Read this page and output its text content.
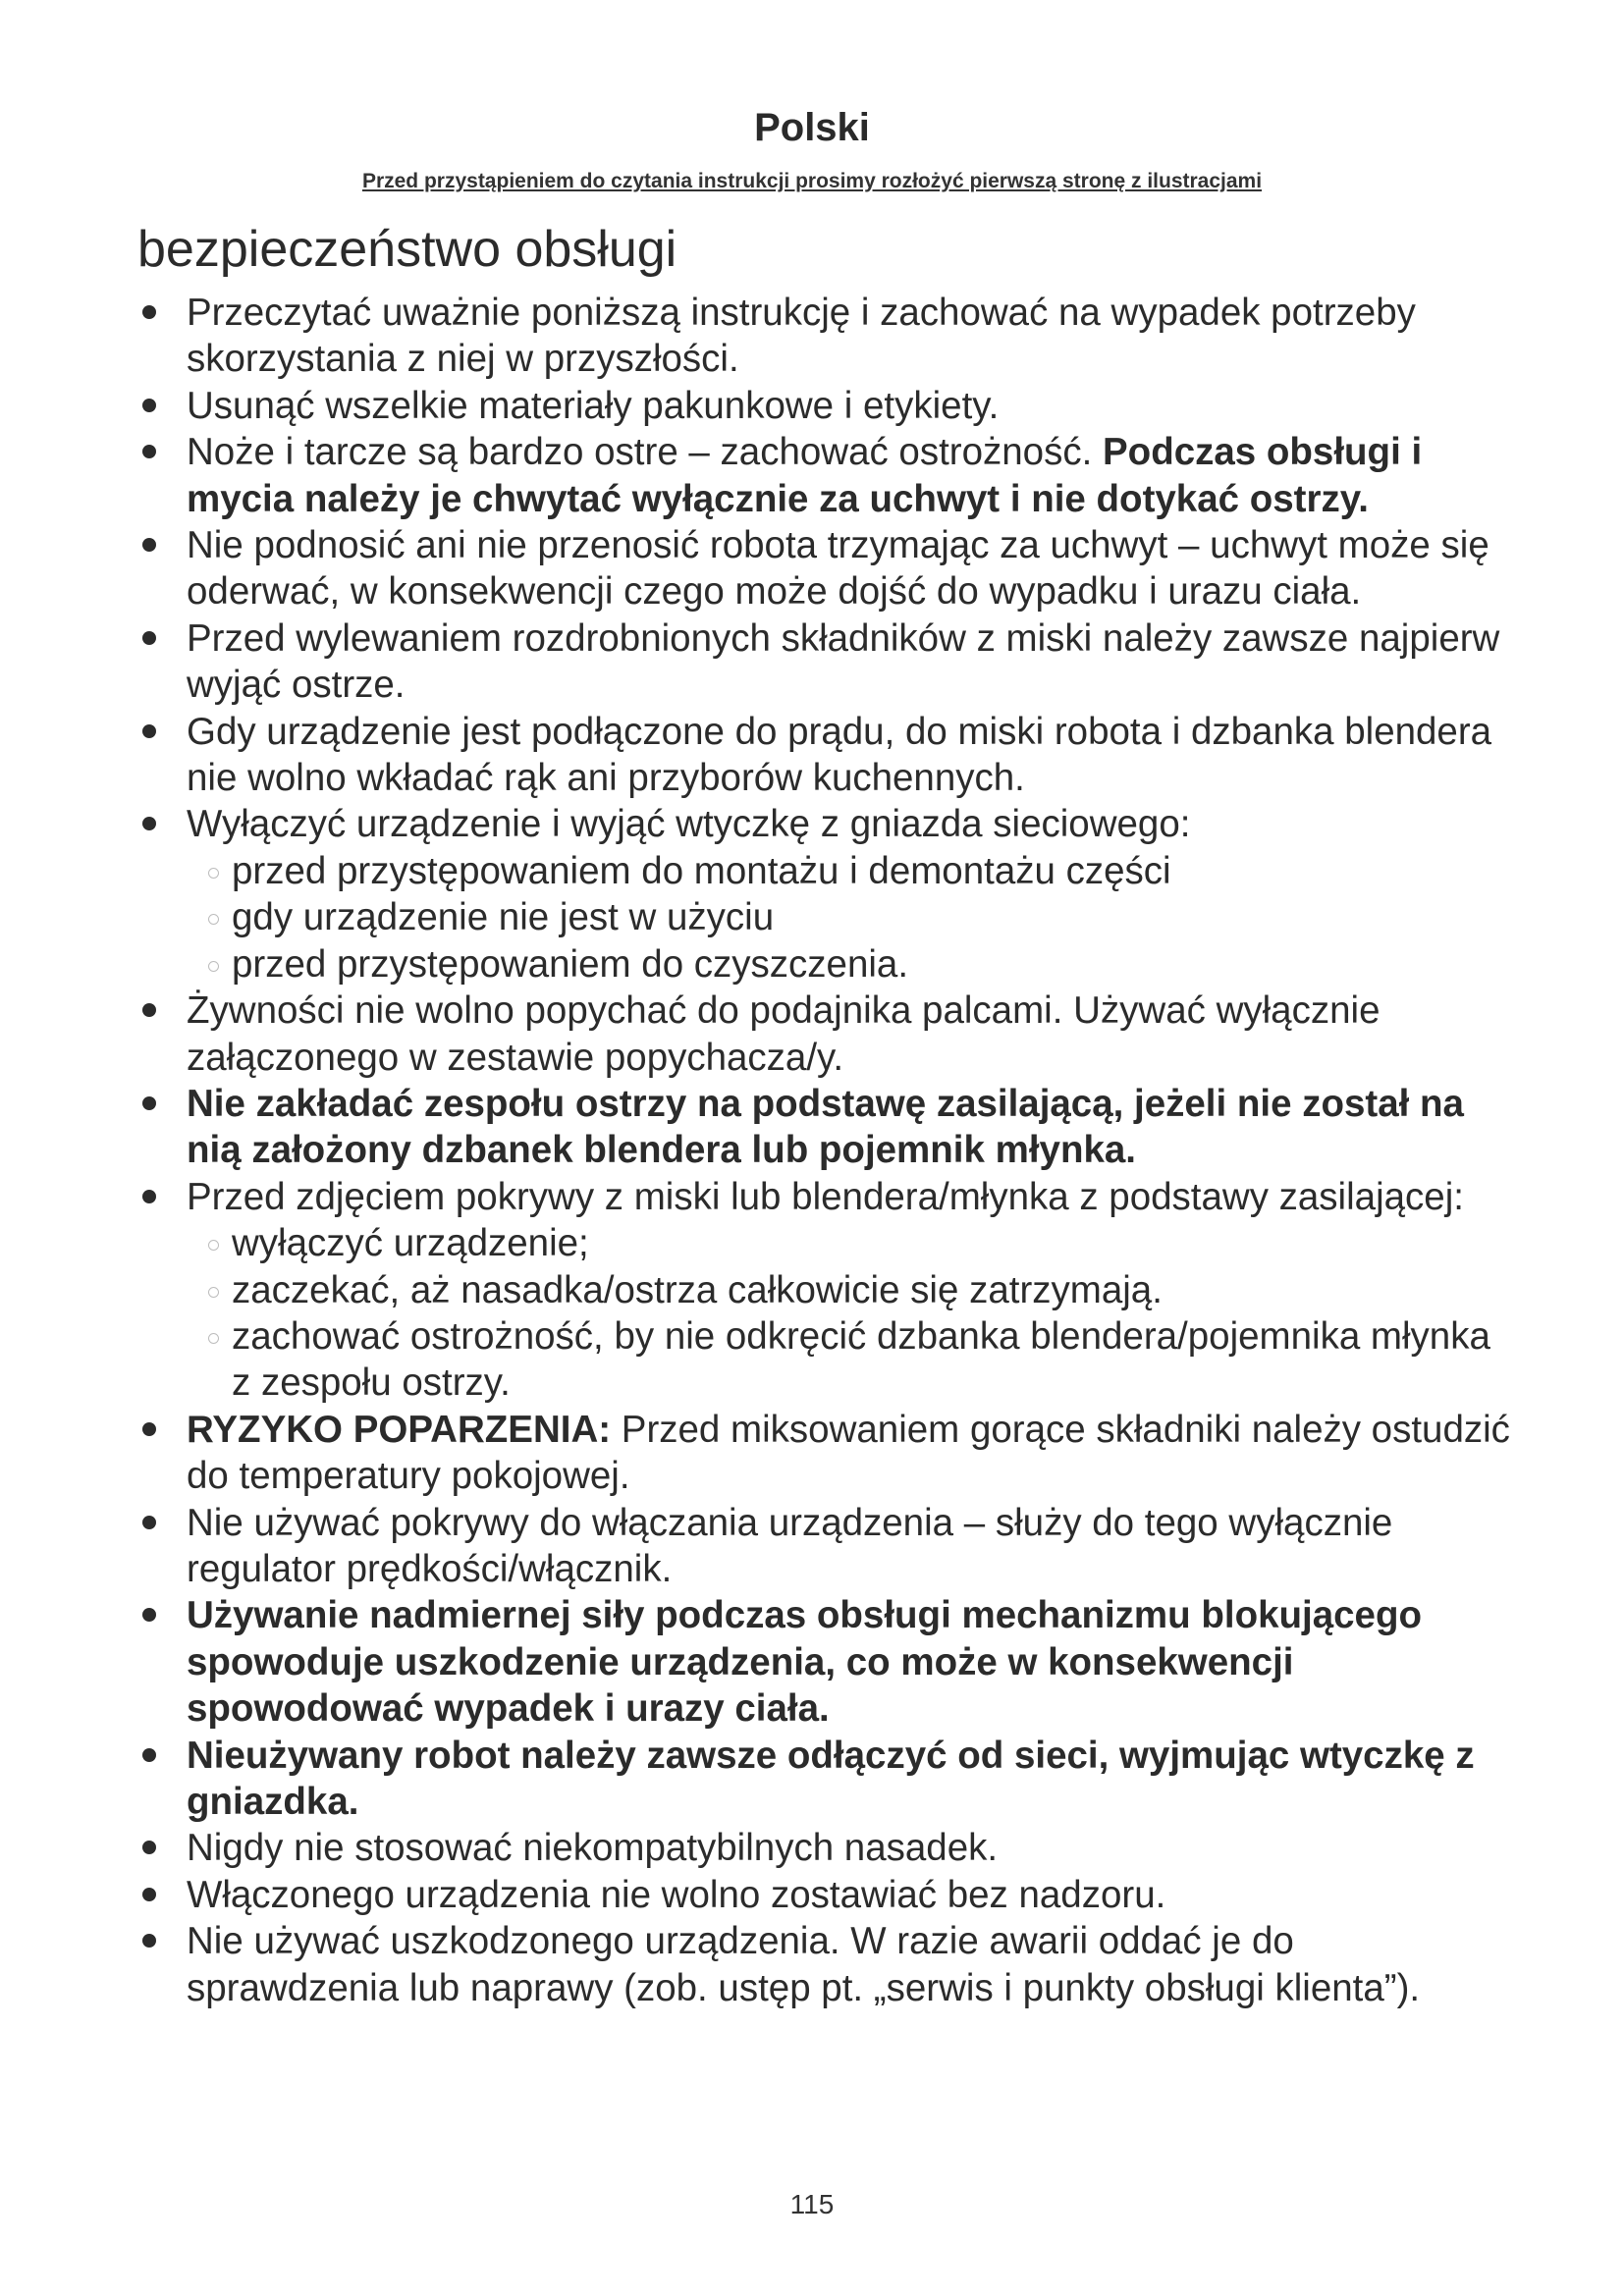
Polski

Przed przystąpieniem do czytania instrukcji prosimy rozłożyć pierwszą stronę z ilustracjami

bezpieczeństwo obsługi
Przeczytać uważnie poniższą instrukcję i zachować na wypadek potrzeby skorzystania z niej w przyszłości.
Usunąć wszelkie materiały pakunkowe i etykiety.
Noże i tarcze są bardzo ostre – zachować ostrożność. Podczas obsługi i mycia należy je chwytać wyłącznie za uchwyt i nie dotykać ostrzy.
Nie podnosić ani nie przenosić robota trzymając za uchwyt – uchwyt może się oderwać, w konsekwencji czego może dojść do wypadku i urazu ciała.
Przed wylewaniem rozdrobnionych składników z miski należy zawsze najpierw wyjąć ostrze.
Gdy urządzenie jest podłączone do prądu, do miski robota i dzbanka blendera nie wolno wkładać rąk ani przyborów kuchennych.
Wyłączyć urządzenie i wyjąć wtyczkę z gniazda sieciowego:
przed przystępowaniem do montażu i demontażu części
gdy urządzenie nie jest w użyciu
przed przystępowaniem do czyszczenia.
Żywności nie wolno popychać do podajnika palcami. Używać wyłącznie załączonego w zestawie popychacza/y.
Nie zakładać zespołu ostrzy na podstawę zasilającą, jeżeli nie został na nią założony dzbanek blendera lub pojemnik młynka.
Przed zdjęciem pokrywy z miski lub blendera/młynka z podstawy zasilającej:
wyłączyć urządzenie;
zaczekać, aż nasadka/ostrza całkowicie się zatrzymają.
zachować ostrożność, by nie odkręcić dzbanka blendera/pojemnika młynka z zespołu ostrzy.
RYZYKO POPARZENIA: Przed miksowaniem gorące składniki należy ostudzić do temperatury pokojowej.
Nie używać pokrywy do włączania urządzenia – służy do tego wyłącznie regulator prędkości/włącznik.
Używanie nadmiernej siły podczas obsługi mechanizmu blokującego spowoduje uszkodzenie urządzenia, co może w konsekwencji spowodować wypadek i urazy ciała.
Nieużywany robot należy zawsze odłączyć od sieci, wyjmując wtyczkę z gniazdka.
Nigdy nie stosować niekompatybilnych nasadek.
Włączonego urządzenia nie wolno zostawiać bez nadzoru.
Nie używać uszkodzonego urządzenia. W razie awarii oddać je do sprawdzenia lub naprawy (zob. ustęp pt. „serwis i punkty obsługi klienta”).

115
